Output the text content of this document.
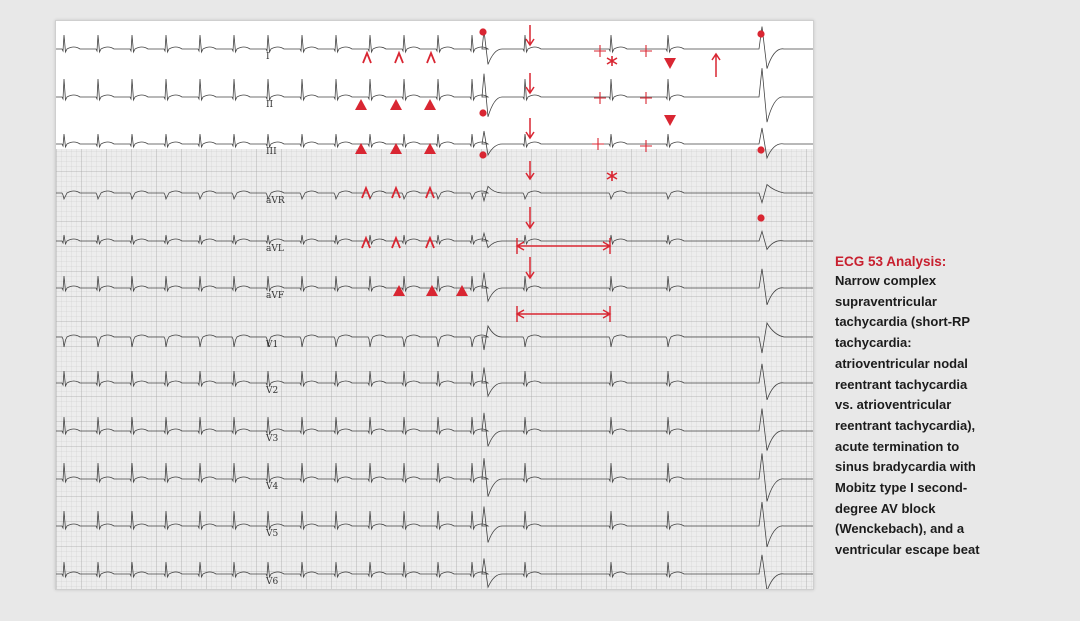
I
II
III
aVR
aVL
aVF
V1
V2
V3
V4
V5
V6
ECG 53 Analysis:
Narrow complex
supraventricular
tachycardia (short-RP
tachycardia:
atrioventricular nodal
reentrant tachycardia
vs. atrioventricular
reentrant tachycardia),
acute termination to
sinus bradycardia with
Mobitz type I second-
degree AV block
(Wenckebach), and a
ventricular escape beat
